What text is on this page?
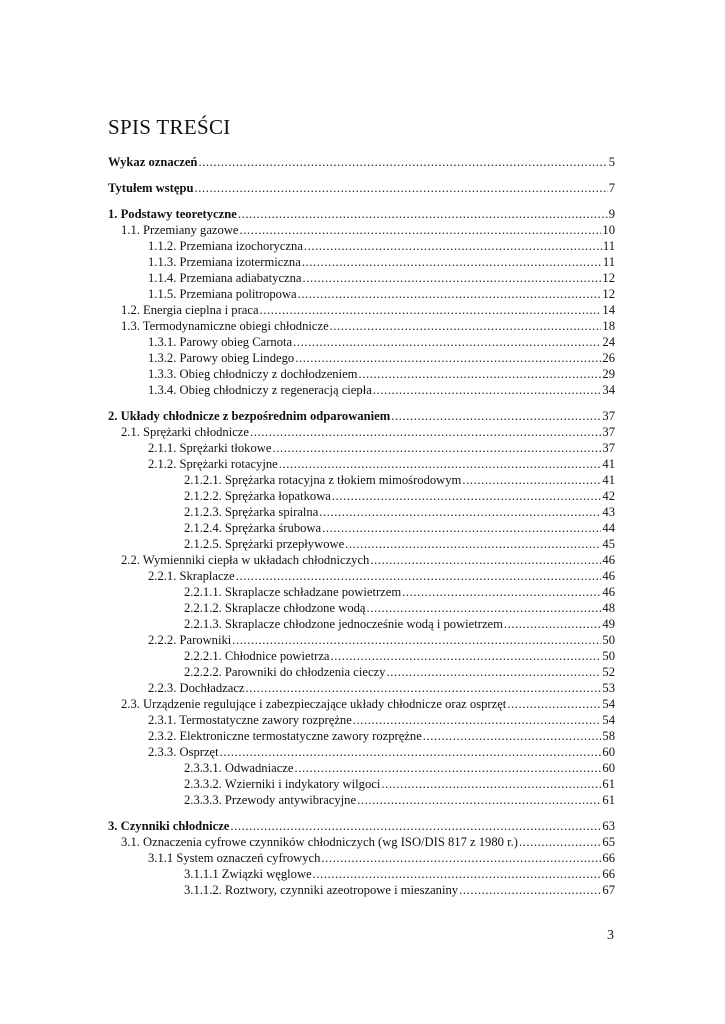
SPIS TREŚCI
Wykaz oznaczeń .....	5
Tytułem wstępu .....	7
1. Podstawy teoretyczne .....	9
1.1. Przemiany gazowe .....	10
1.1.2. Przemiana izochoryczna .....	11
1.1.3. Przemiana izotermiczna .....	11
1.1.4. Przemiana adiabatyczna .....	12
1.1.5. Przemiana politropowa .....	12
1.2. Energia cieplna i praca .....	14
1.3. Termodynamiczne obiegi chłodnicze .....	18
1.3.1. Parowy obieg Carnota .....	24
1.3.2. Parowy obieg Lindego .....	26
1.3.3. Obieg chłodniczy z dochłodzeniem .....	29
1.3.4. Obieg chłodniczy z regeneracją ciepła .....	34
2. Układy chłodnicze z bezpośrednim odparowaniem .....	37
2.1. Sprężarki chłodnicze .....	37
2.1.1. Sprężarki tłokowe .....	37
2.1.2. Sprężarki rotacyjne .....	41
2.1.2.1. Sprężarka rotacyjna z tłokiem mimośrodowym .....	41
2.1.2.2. Sprężarka łopatkowa .....	42
2.1.2.3. Sprężarka spiralna .....	43
2.1.2.4. Sprężarka śrubowa .....	44
2.1.2.5. Sprężarki przepływowe .....	45
2.2. Wymienniki ciepła w układach chłodniczych .....	46
2.2.1. Skraplacze .....	46
2.2.1.1. Skraplacze schładzane powietrzem .....	46
2.2.1.2. Skraplacze chłodzone wodą .....	48
2.2.1.3. Skraplacze chłodzone jednocześnie wodą i powietrzem .....	49
2.2.2. Parowniki .....	50
2.2.2.1. Chłodnice powietrza .....	50
2.2.2.2. Parowniki do chłodzenia cieczy .....	52
2.2.3. Dochładzacz .....	53
2.3. Urządzenie regulujące i zabezpieczające układy chłodnicze oraz osprzęt .....	54
2.3.1. Termostatyczne zawory rozprężne .....	54
2.3.2. Elektroniczne termostatyczne zawory rozprężne .....	58
2.3.3. Osprzęt .....	60
2.3.3.1. Odwadniacze .....	60
2.3.3.2. Wzierniki i indykatory wilgoci .....	61
2.3.3.3. Przewody antywibracyjne .....	61
3. Czynniki chłodnicze .....	63
3.1. Oznaczenia cyfrowe czynników chłodniczych (wg ISO/DIS 817 z 1980 r.) .....	65
3.1.1 System oznaczeń cyfrowych .....	66
3.1.1.1 Związki węglowe .....	66
3.1.1.2. Roztwory, czynniki azeotropowe i mieszaniny .....	67
3
